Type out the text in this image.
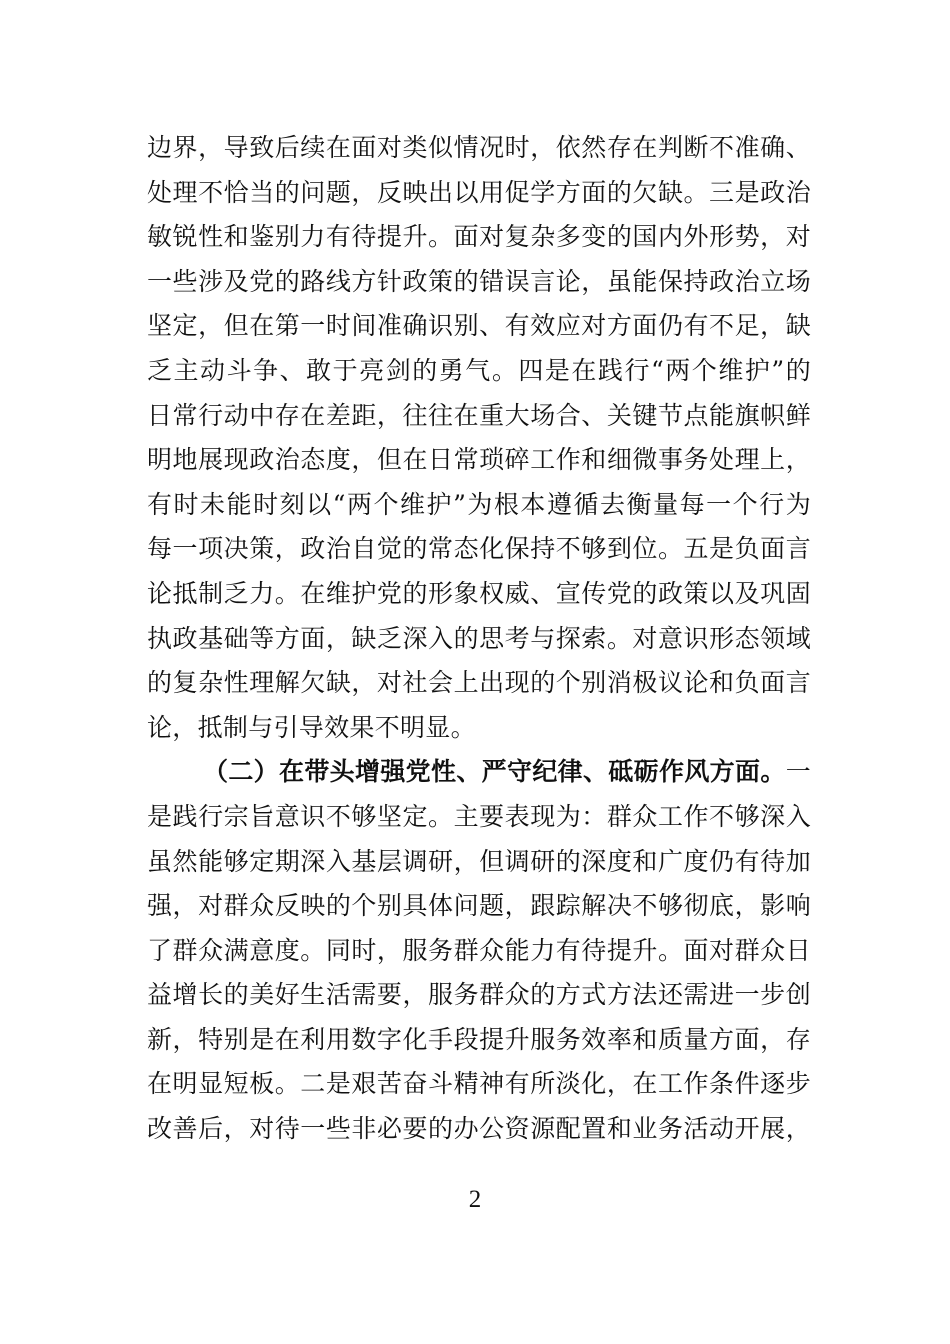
边界，导致后续在面对类似情况时，依然存在判断不准确、
处理不恰当的问题，反映出以用促学方面的欠缺。三是政治
敏锐性和鉴别力有待提升。面对复杂多变的国内外形势，对
一些涉及党的路线方针政策的错误言论，虽能保持政治立场
坚定，但在第一时间准确识别、有效应对方面仍有不足，缺
乏主动斗争、敢于亮剑的勇气。四是在践行“两个维护”的
日常行动中存在差距，往往在重大场合、关键节点能旗帜鲜
明地展现政治态度，但在日常琐碎工作和细微事务处理上，
有时未能时刻以“两个维护”为根本遵循去衡量每一个行为
每一项决策，政治自觉的常态化保持不够到位。五是负面言
论抵制乏力。在维护党的形象权威、宣传党的政策以及巩固
执政基础等方面，缺乏深入的思考与探索。对意识形态领域
的复杂性理解欠缺，对社会上出现的个别消极议论和负面言
论，抵制与引导效果不明显。
（二）在带头增强党性、严守纪律、砥砺作风方面。一
是践行宗旨意识不够坚定。主要表现为：群众工作不够深入
虽然能够定期深入基层调研，但调研的深度和广度仍有待加
强，对群众反映的个别具体问题，跟踪解决不够彻底，影响
了群众满意度。同时，服务群众能力有待提升。面对群众日
益增长的美好生活需要，服务群众的方式方法还需进一步创
新，特别是在利用数字化手段提升服务效率和质量方面，存
在明显短板。二是艰苦奋斗精神有所淡化，在工作条件逐步
改善后，对待一些非必要的办公资源配置和业务活动开展，
2
